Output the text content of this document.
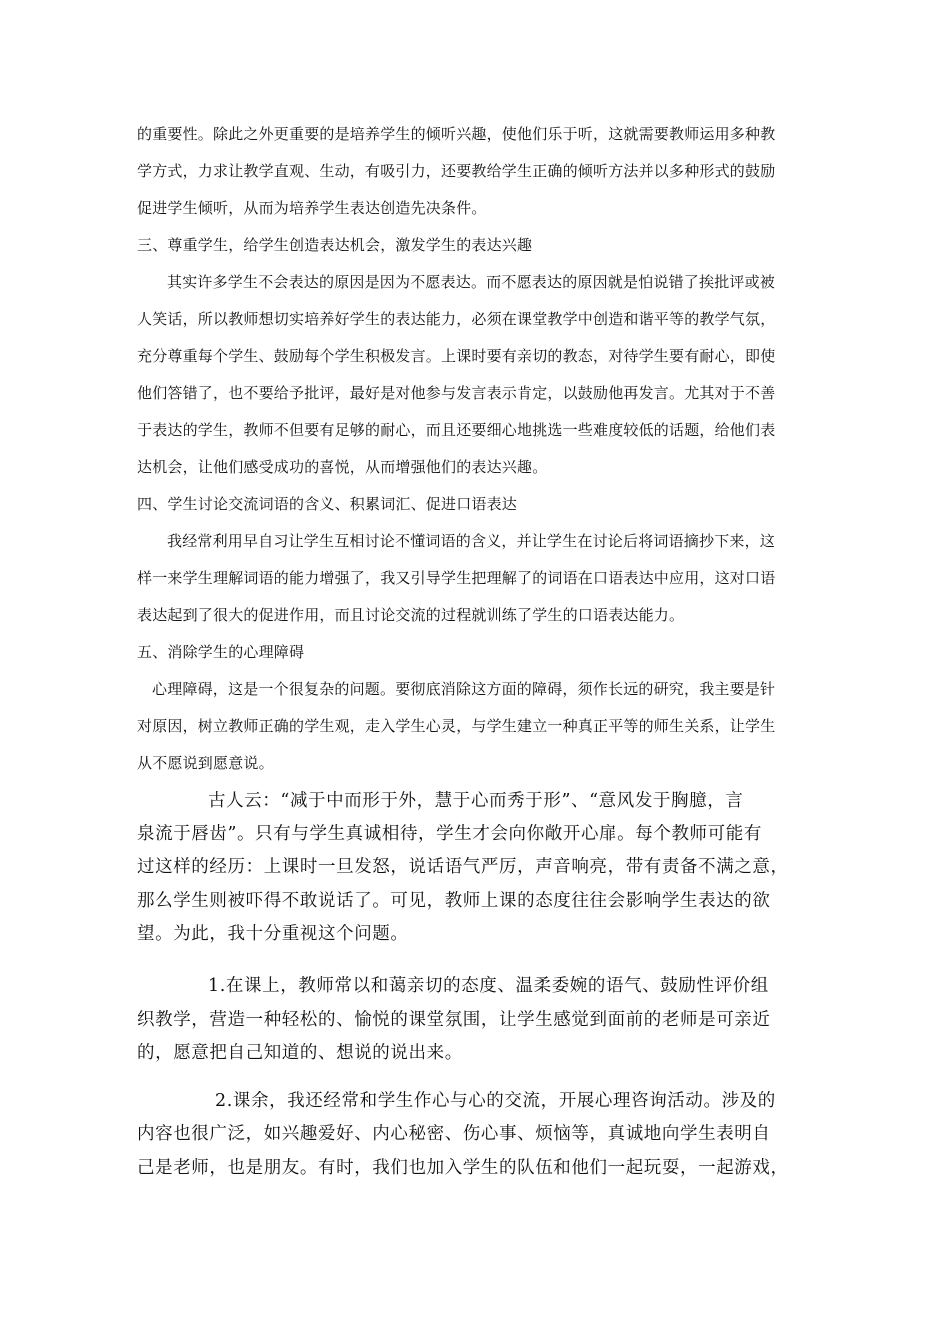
的重要性。除此之外更重要的是培养学生的倾听兴趣，使他们乐于听，这就需要教师运用多种教

学方式，力求让教学直观、生动，有吸引力，还要教给学生正确的倾听方法并以多种形式的鼓励

促进学生倾听，从而为培养学生表达创造先决条件。

三、尊重学生，给学生创造表达机会，激发学生的表达兴趣

其实许多学生不会表达的原因是因为不愿表达。而不愿表达的原因就是怕说错了挨批评或被

人笑话，所以教师想切实培养好学生的表达能力，必须在课堂教学中创造和谐平等的教学气氛，

充分尊重每个学生、鼓励每个学生积极发言。上课时要有亲切的教态，对待学生要有耐心，即使

他们答错了，也不要给予批评，最好是对他参与发言表示肯定，以鼓励他再发言。尤其对于不善

于表达的学生，教师不但要有足够的耐心，而且还要细心地挑选一些难度较低的话题，给他们表

达机会，让他们感受成功的喜悦，从而增强他们的表达兴趣。

四、学生讨论交流词语的含义、积累词汇、促进口语表达

我经常利用早自习让学生互相讨论不懂词语的含义，并让学生在讨论后将词语摘抄下来，这

样一来学生理解词语的能力增强了，我又引导学生把理解了的词语在口语表达中应用，这对口语

表达起到了很大的促进作用，而且讨论交流的过程就训练了学生的口语表达能力。

五、消除学生的心理障碍

心理障碍，这是一个很复杂的问题。要彻底消除这方面的障碍，须作长远的研究，我主要是针

对原因，树立教师正确的学生观，走入学生心灵，与学生建立一种真正平等的师生关系，让学生

从不愿说到愿意说。

古人云：“减于中而形于外，慧于心而秀于形”、“意风发于胸臆，言

泉流于唇齿”。只有与学生真诚相待，学生才会向你敞开心扉。每个教师可能有

过这样的经历：上课时一旦发怒，说话语气严厉，声音响亮，带有责备不满之意，

那么学生则被吓得不敢说话了。可见，教师上课的态度往往会影响学生表达的欲

望。为此，我十分重视这个问题。

1.在课上，教师常以和蔼亲切的态度、温柔委婉的语气、鼓励性评价组

织教学，营造一种轻松的、愉悦的课堂氛围，让学生感觉到面前的老师是可亲近

的，愿意把自己知道的、想说的说出来。

2.课余，我还经常和学生作心与心的交流，开展心理咨询活动。涉及的

内容也很广泛，如兴趣爱好、内心秘密、伤心事、烦恼等，真诚地向学生表明自

己是老师，也是朋友。有时，我们也加入学生的队伍和他们一起玩耍，一起游戏，
